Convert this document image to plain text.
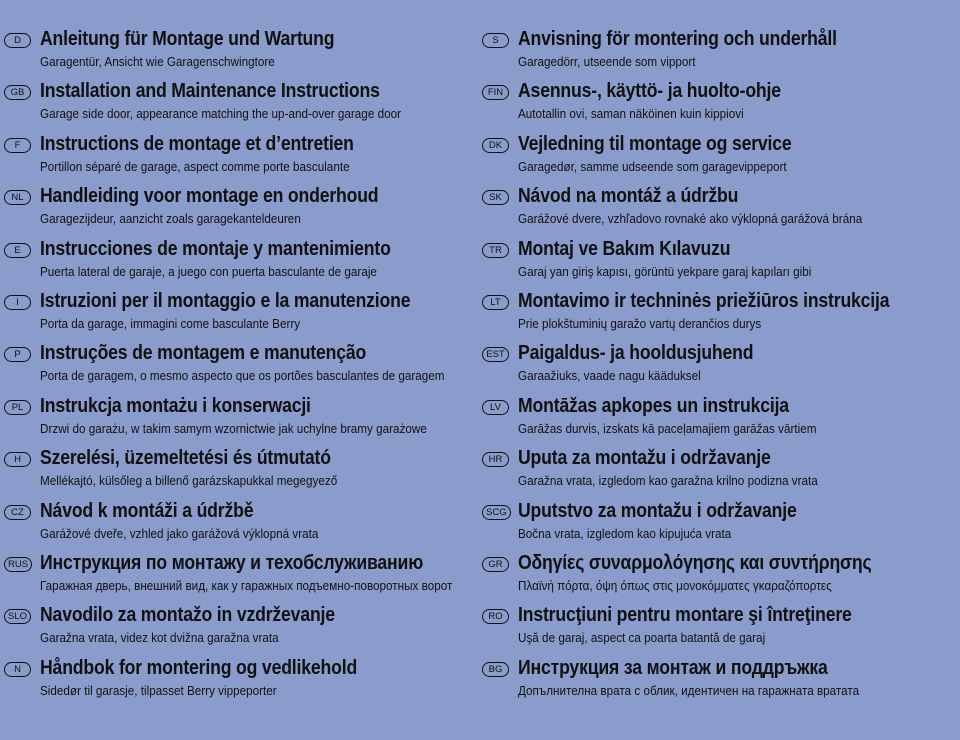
D Anleitung für Montage und Wartung
Garagentür, Ansicht wie Garagenschwingtore
GB Installation and Maintenance Instructions
Garage side door, appearance matching the up-and-over garage door
F Instructions de montage et d’entretien
Portillon séparé de garage, aspect comme porte basculante
NL Handleiding voor montage en onderhoud
Garagezijdeur, aanzicht zoals garagekanteldeuren
E Instrucciones de montaje y mantenimiento
Puerta lateral de garaje, a juego con puerta basculante de garaje
I	Istruzioni per il montaggio e la manutenzione
Porta da garage, immagini come basculante Berry
P Instruções de montagem e manutenção
Porta de garagem, o mesmo aspecto que os portões basculantes de garagem
PL Instrukcja montażu i konserwacji
Drzwi do garażu, w takim samym wzornictwie jak uchylne bramy garażowe
H Szerelési, üzemeltetési és útmutató
Mellékajtó, külsőleg a billenő garázskapukkal megegyező
CZ Návod k montáži a údržbě
Garážové dveře, vzhled jako garážová výklopná vrata
RUS Инструкция по монтажу и техобслуживанию
Гаражная дверь, внешний вид, как у гаражных подъемно-поворотных ворот
SLO Navodilo za montažo in vzdrževanje
Garažna vrata, videz kot dvižna garažna vrata
N Håndbok for montering og vedlikehold
Sidedør til garasje, tilpasset Berry vippeporter
S Anvisning för montering och underhåll
Garagedörr, utseende som vipport
FIN Asennus-, käyttö- ja huolto-ohje
Autotallin ovi, saman näköinen kuin kippiovi
DK Vejledning til montage og service
Garagedør, samme udseende som garagevippeport
SK Návod na montáž a údržbu
Garážové dvere, vzhľadovo rovnaké ako výklopná garážová brána
TR Montaj ve Bakım Kılavuzu
Garaj yan giriş kapısı, görüntü yekpare garaj kapıları gibi
LT Montavimo ir techninės priežiūros instrukcija
Prie plokštuminių garažo vartų derančios durys
EST Paigaldus- ja hooldusjuhend
Garaažiuks, vaade nagu kääduksel
LV Montāžas apkopes un instrukcija
Garāžas durvis, izskats kā paceļamajiem garāžas vārtiem
HR Uputa za montažu i održavanje
Garažna vrata, izgledom kao garažna krilno podizna vrata
SCG Uputstvo za montažu i održavanje
Bočna vrata, izgledom kao kipujuća vrata
GR Οδηγίες συναρμολόγησης και συντήρησης
Πλαϊνή πόρτα, όψη όπως στις μονοκόμματες γκαραζόπορτες
RO Instrucţiuni pentru montare şi întreţinere
Uşă de garaj, aspect ca poarta batantă de garaj
BG Инструкция за монтаж и поддръжка
Допълнителна врата с облик, идентичен на гаражната вратата
